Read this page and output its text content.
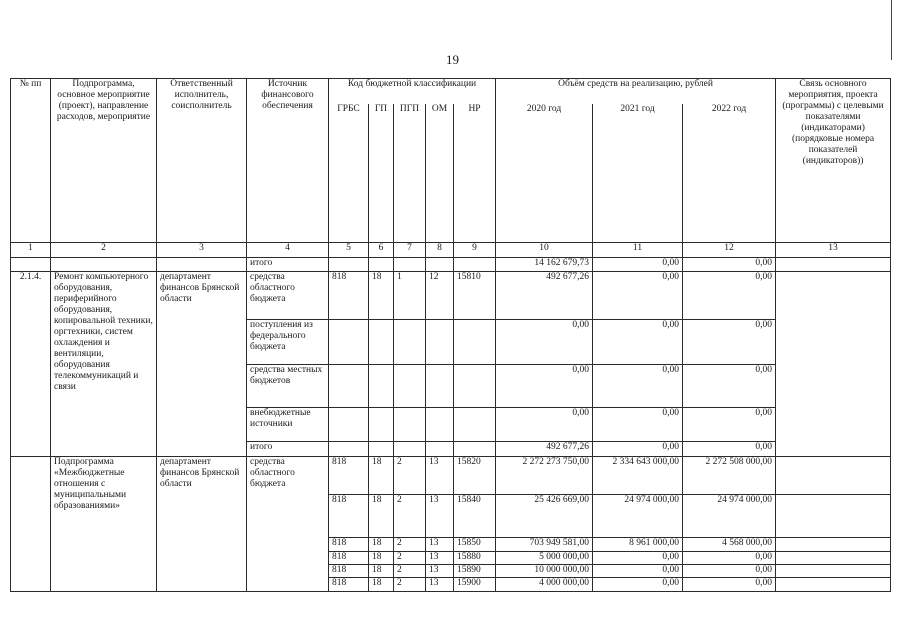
19
№ пп	Подпрограмма, основное мероприятие (проект), направление расходов, мероприятие	Ответственный исполнитель, соисполнитель	Источник финансового обеспечения	Код бюджетной классификации					Объём средств на реализацию, рублей			Связь основного мероприятия, проекта (программы) с целевыми показателями (индикаторами) (порядковые номера показателей (индикаторов))
				ГРБС	ГП	ПГП	ОМ	НР	2020 год	2021 год	2022 год	
1	2	3	4	5	6	7	8	9	10	11	12	13
			итого						14 162 679,73	0,00	0,00	
2.1.4.	Ремонт компьютерного оборудования, периферийного оборудования, копировальной техники, оргтехники, систем охлаждения и вентиляции, оборудования телекоммуникаций и связи	департамент финансов Брянской области	средства областного бюджета	818	18	1	12	15810	492 677,26	0,00	0,00	
			поступления из федерального бюджета						0,00	0,00	0,00	
			средства местных бюджетов						0,00	0,00	0,00	
			внебюджетные источники						0,00	0,00	0,00	
			итого						492 677,26	0,00	0,00	
	Подпрограмма «Межбюджетные отношения с муниципальными образованиями»	департамент финансов Брянской области	средства областного бюджета	818	18	2	13	15820	2 272 273 750,00	2 334 643 000,00	2 272 508 000,00	
				818	18	2	13	15840	25 426 669,00	24 974 000,00	24 974 000,00	
				818	18	2	13	15850	703 949 581,00	8 961 000,00	4 568 000,00	
				818	18	2	13	15880	5 000 000,00	0,00	0,00	
				818	18	2	13	15890	10 000 000,00	0,00	0,00	
				818	18	2	13	15900	4 000 000,00	0,00	0,00	
